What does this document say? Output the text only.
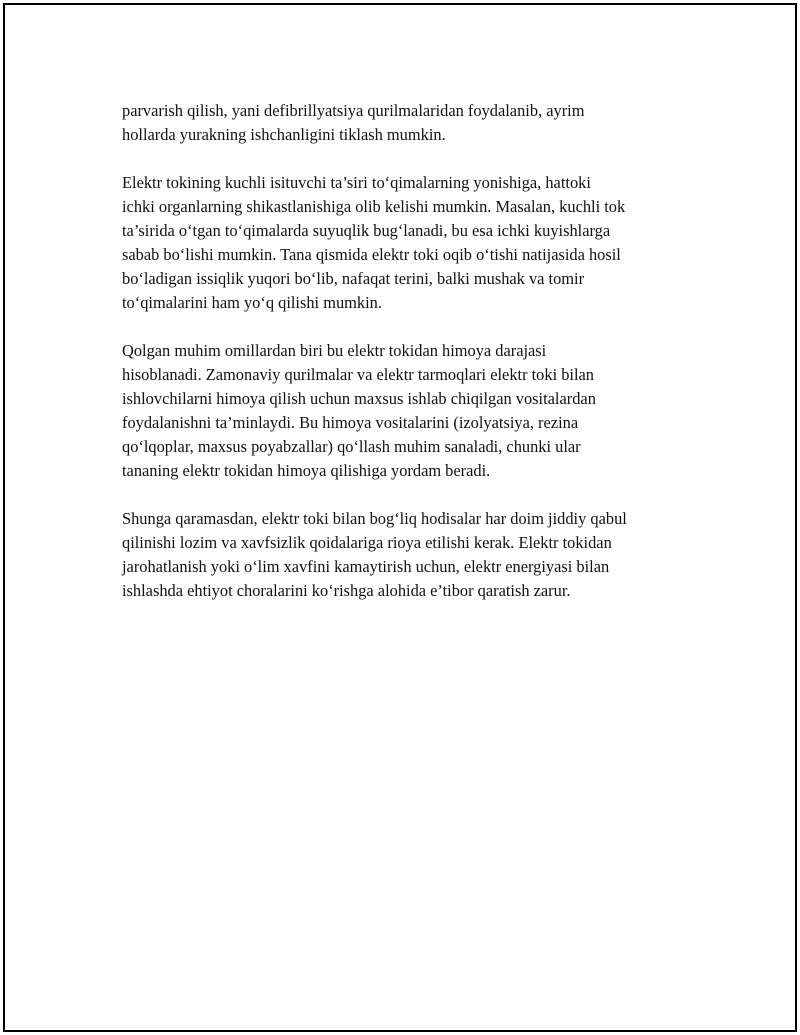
parvarish qilish, yani defibrillyatsiya qurilmalaridan foydalanib, ayrim
hollarda yurakning ishchanligini tiklash mumkin.

Elektr tokining kuchli isituvchi ta’siri to‘qimalarning yonishiga, hattoki
ichki organlarning shikastlanishiga olib kelishi mumkin. Masalan, kuchli tok
ta’sirida o‘tgan to‘qimalarda suyuqlik bug‘lanadi, bu esa ichki kuyishlarga
sabab bo‘lishi mumkin. Tana qismida elektr toki oqib o‘tishi natijasida hosil
bo‘ladigan issiqlik yuqori bo‘lib, nafaqat terini, balki mushak va tomir
to‘qimalarini ham yo‘q qilishi mumkin.

Qolgan muhim omillardan biri bu elektr tokidan himoya darajasi
hisoblanadi. Zamonaviy qurilmalar va elektr tarmoqlari elektr toki bilan
ishlovchilarni himoya qilish uchun maxsus ishlab chiqilgan vositalardan
foydalanishni ta’minlaydi. Bu himoya vositalarini (izolyatsiya, rezina
qo‘lqoplar, maxsus poyabzallar) qo‘llash muhim sanaladi, chunki ular
tananing elektr tokidan himoya qilishiga yordam beradi.

Shunga qaramasdan, elektr toki bilan bog‘liq hodisalar har doim jiddiy qabul
qilinishi lozim va xavfsizlik qoidalariga rioya etilishi kerak. Elektr tokidan
jarohatlanish yoki o‘lim xavfini kamaytirish uchun, elektr energiyasi bilan
ishlashda ehtiyot choralarini ko‘rishga alohida e’tibor qaratish zarur.
